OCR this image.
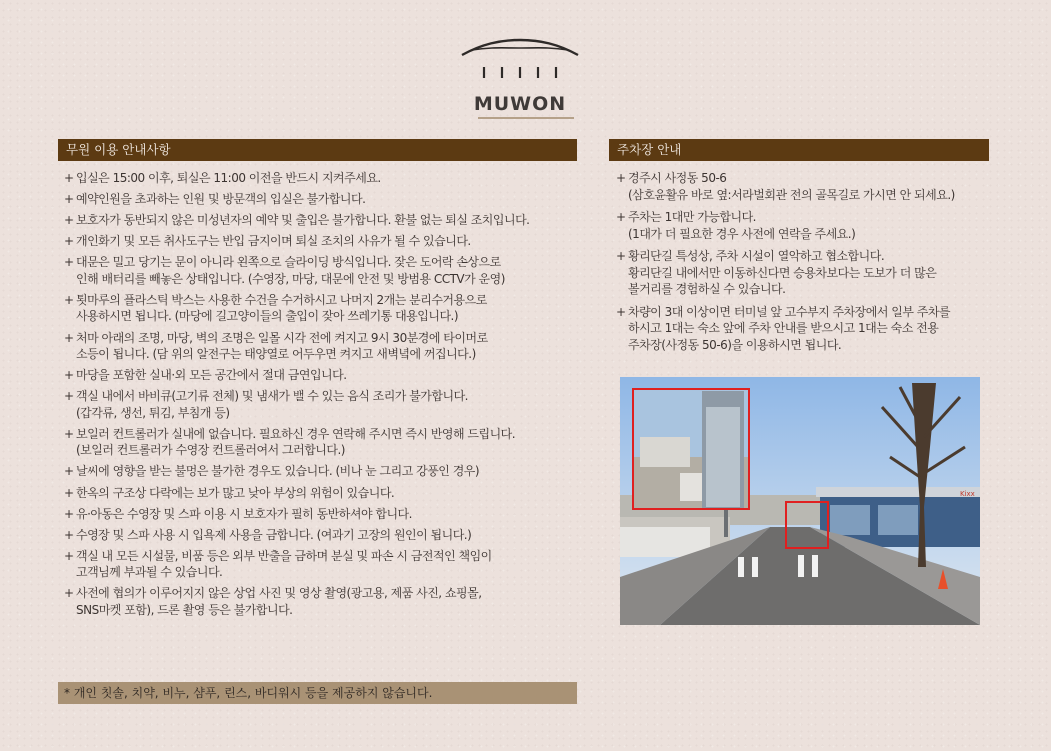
MUWON
무원 이용 안내사항
+ 입실은 15:00 이후, 퇴실은 11:00 이전을 반드시 지켜주세요.
+ 예약인원을 초과하는 인원 및 방문객의 입실은 불가합니다.
+ 보호자가 동반되지 않은 미성년자의 예약 및 출입은 불가합니다. 환불 없는 퇴실 조치입니다.
+ 개인화기 및 모든 취사도구는 반입 금지이며 퇴실 조치의 사유가 될 수 있습니다.
+ 대문은 밀고 당기는 문이 아니라 왼쪽으로 슬라이딩 방식입니다. 잦은 도어락 손상으로
인해 배터리를 빼놓은 상태입니다. (수영장, 마당, 대문에 안전 및 방범용 CCTV가 운영)
+ 툇마루의 플라스틱 박스는 사용한 수건을 수거하시고 나머지 2개는 분리수거용으로
사용하시면 됩니다. (마당에 길고양이들의 출입이 잦아 쓰레기통 대용입니다.)
+ 처마 아래의 조명, 마당, 벽의 조명은 일몰 시각 전에 켜지고 9시 30분경에 타이머로
소등이 됩니다. (담 위의 알전구는 태양열로 어두우면 켜지고 새벽녘에 꺼집니다.)
+ 마당을 포함한 실내·외 모든 공간에서 절대 금연입니다.
+ 객실 내에서 바비큐(고기류 전체) 및 냄새가 밸 수 있는 음식 조리가 불가합니다.
(갑각류, 생선, 튀김, 부침개 등)
+ 보일러 컨트롤러가 실내에 없습니다. 필요하신 경우 연락해 주시면 즉시 반영해 드립니다.
(보일러 컨트롤러가 수영장 컨트롤러여서 그러합니다.)
+ 날씨에 영향을 받는 불멍은 불가한 경우도 있습니다. (비나 눈 그리고 강풍인 경우)
+ 한옥의 구조상 다락에는 보가 많고 낮아 부상의 위험이 있습니다.
+ 유·아동은 수영장 및 스파 이용 시 보호자가 필히 동반하셔야 합니다.
+ 수영장 및 스파 사용 시 입욕제 사용을 금합니다. (여과기 고장의 원인이 됩니다.)
+ 객실 내 모든 시설물, 비품 등은 외부 반출을 금하며 분실 및 파손 시 금전적인 책임이
고객님께 부과될 수 있습니다.
+ 사전에 협의가 이루어지지 않은 상업 사진 및 영상 촬영(광고용, 제품 사진, 쇼핑몰,
SNS마켓 포함), 드론 촬영 등은 불가합니다.
* 개인 칫솔, 치약, 비누, 샴푸, 린스, 바디워시 등을 제공하지 않습니다.
주차장 안내
+ 경주시 사정동 50-6
(삼호윤활유 바로 옆:서라벌회관 전의 골목길로 가시면 안 되세요.)
+ 주차는 1대만 가능합니다.
(1대가 더 필요한 경우 사전에 연락을 주세요.)
+ 황리단길 특성상, 주차 시설이 열악하고 협소합니다.
황리단길 내에서만 이동하신다면 승용차보다는 도보가 더 많은
볼거리를 경험하실 수 있습니다.
+ 차량이 3대 이상이면 터미널 앞 고수부지 주차장에서 일부 주차를
하시고 1대는 숙소 앞에 주차 안내를 받으시고 1대는 숙소 전용
주차장(사정동 50-6)을 이용하시면 됩니다.
Kixx
